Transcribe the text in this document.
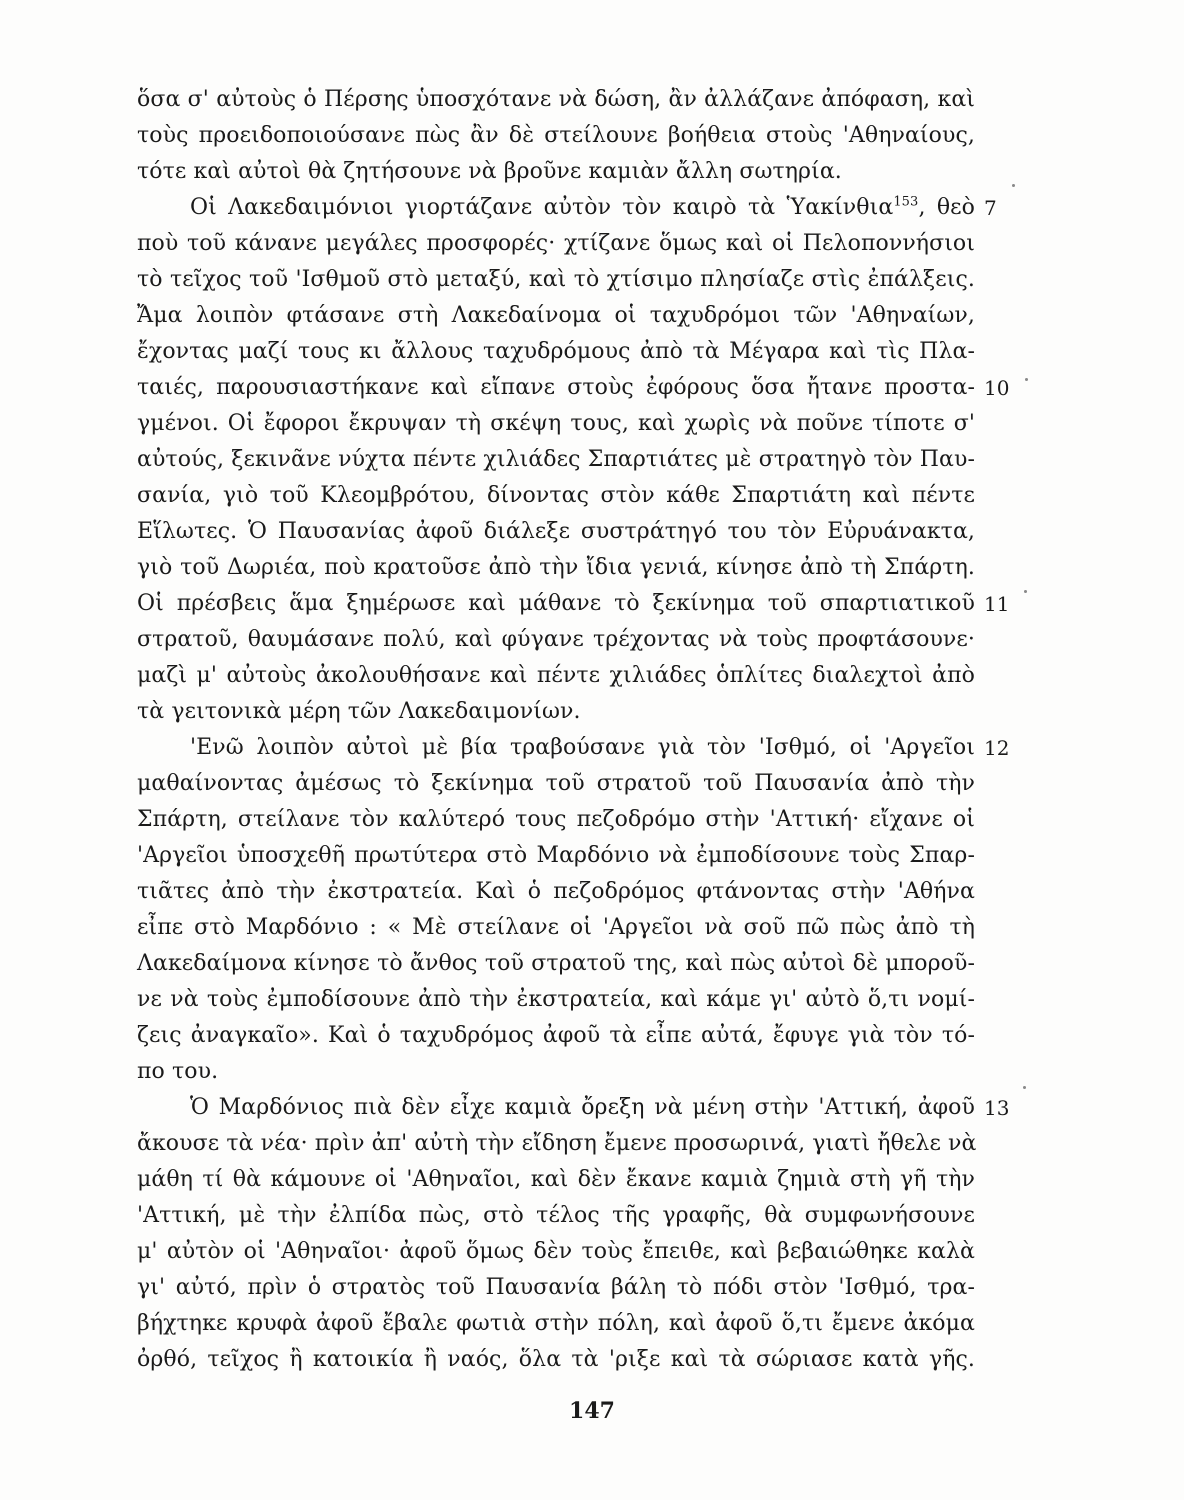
ὅσα σ' αὐτοὺς ὁ Πέρσης ὑποσχότανε νὰ δώση, ἂν ἀλλάζανε ἀπόφαση, καὶ
τοὺς προειδοποιούσανε πὼς ἂν δὲ στείλουνε βοήθεια στοὺς 'Αθηναίους,
τότε καὶ αὐτοὶ θὰ ζητήσουνε νὰ βροῦνε καμιὰν ἄλλη σωτηρία.
Οἱ Λακεδαιμόνιοι γιορτάζανε αὐτὸν τὸν καιρὸ τὰ Ὑακίνθια$^{153}$, θεὸ 7
ποὺ τοῦ κάνανε μεγάλες προσφορές· χτίζανε ὅμως καὶ οἱ Πελοποννήσιοι
τὸ τεῖχος τοῦ 'Ισθμοῦ στὸ μεταξύ, καὶ τὸ χτίσιμο πλησίαζε στὶς ἐπάλξεις.
Ἄμα λοιπὸν φτάσανε στὴ Λακεδαίνομα οἱ ταχυδρόμοι τῶν 'Αθηναίων,
ἔχοντας μαζί τους κι ἄλλους ταχυδρόμους ἀπὸ τὰ Μέγαρα καὶ τὶς Πλα-
ταιές, παρουσιαστήκανε καὶ εἴπανε στοὺς ἐφόρους ὅσα ἤτανε προστα- 10
γμένοι. Οἱ ἔφοροι ἔκρυψαν τὴ σκέψη τους, καὶ χωρὶς νὰ ποῦνε τίποτε σ'
αὐτούς, ξεκινᾶνε νύχτα πέντε χιλιάδες Σπαρτιάτες μὲ στρατηγὸ τὸν Παυ-
σανία, γιὸ τοῦ Κλεομβρότου, δίνοντας στὸν κάθε Σπαρτιάτη καὶ πέντε
Εἵλωτες. Ὁ Παυσανίας ἀφοῦ διάλεξε συστράτηγό του τὸν Εὐρυάνακτα,
γιὸ τοῦ Δωριέα, ποὺ κρατοῦσε ἀπὸ τὴν ἴδια γενιά, κίνησε ἀπὸ τὴ Σπάρτη.
Οἱ πρέσβεις ἅμα ξημέρωσε καὶ μάθανε τὸ ξεκίνημα τοῦ σπαρτιατικοῦ 11
στρατοῦ, θαυμάσανε πολύ, καὶ φύγανε τρέχοντας νὰ τοὺς προφτάσουνε·
μαζὶ μ' αὐτοὺς ἀκολουθήσανε καὶ πέντε χιλιάδες ὁπλίτες διαλεχτοὶ ἀπὸ
τὰ γειτονικὰ μέρη τῶν Λακεδαιμονίων.
'Ενῶ λοιπὸν αὐτοὶ μὲ βία τραβούσανε γιὰ τὸν 'Ισθμό, οἱ 'Αργεῖοι 12
μαθαίνοντας ἀμέσως τὸ ξεκίνημα τοῦ στρατοῦ τοῦ Παυσανία ἀπὸ τὴν
Σπάρτη, στείλανε τὸν καλύτερό τους πεζοδρόμο στὴν 'Αττική· εἴχανε οἱ
'Αργεῖοι ὑποσχεθῆ πρωτύτερα στὸ Μαρδόνιο νὰ ἐμποδίσουνε τοὺς Σπαρ-
τιᾶτες ἀπὸ τὴν ἐκστρατεία. Καὶ ὁ πεζοδρόμος φτάνοντας στὴν 'Αθήνα
εἶπε στὸ Μαρδόνιο : « Μὲ στείλανε οἱ 'Αργεῖοι νὰ σοῦ πῶ πὼς ἀπὸ τὴ
Λακεδαίμονα κίνησε τὸ ἄνθος τοῦ στρατοῦ της, καὶ πὼς αὐτοὶ δὲ μποροῦ-
νε νὰ τοὺς ἐμποδίσουνε ἀπὸ τὴν ἐκστρατεία, καὶ κάμε γι' αὐτὸ ὅ,τι νομί-
ζεις ἀναγκαῖο». Καὶ ὁ ταχυδρόμος ἀφοῦ τὰ εἶπε αὐτά, ἔφυγε γιὰ τὸν τό-
πο του.
Ὁ Μαρδόνιος πιὰ δὲν εἶχε καμιὰ ὄρεξη νὰ μένη στὴν 'Αττική, ἀφοῦ 13
ἄκουσε τὰ νέα· πρὶν ἀπ' αὐτὴ τὴν εἴδηση ἔμενε προσωρινά, γιατὶ ἤθελε νὰ
μάθη τί θὰ κάμουνε οἱ 'Αθηναῖοι, καὶ δὲν ἔκανε καμιὰ ζημιὰ στὴ γῆ τὴν
'Αττική, μὲ τὴν ἐλπίδα πὼς, στὸ τέλος τῆς γραφῆς, θὰ συμφωνήσουνε
μ' αὐτὸν οἱ 'Αθηναῖοι· ἀφοῦ ὅμως δὲν τοὺς ἔπειθε, καὶ βεβαιώθηκε καλὰ
γι' αὐτό, πρὶν ὁ στρατὸς τοῦ Παυσανία βάλη τὸ πόδι στὸν 'Ισθμό, τρα-
βήχτηκε κρυφὰ ἀφοῦ ἔβαλε φωτιὰ στὴν πόλη, καὶ ἀφοῦ ὅ,τι ἔμενε ἀκόμα
ὀρθό, τεῖχος ἢ κατοικία ἢ ναός, ὅλα τὰ 'ριξε καὶ τὰ σώριασε κατὰ γῆς.
147
